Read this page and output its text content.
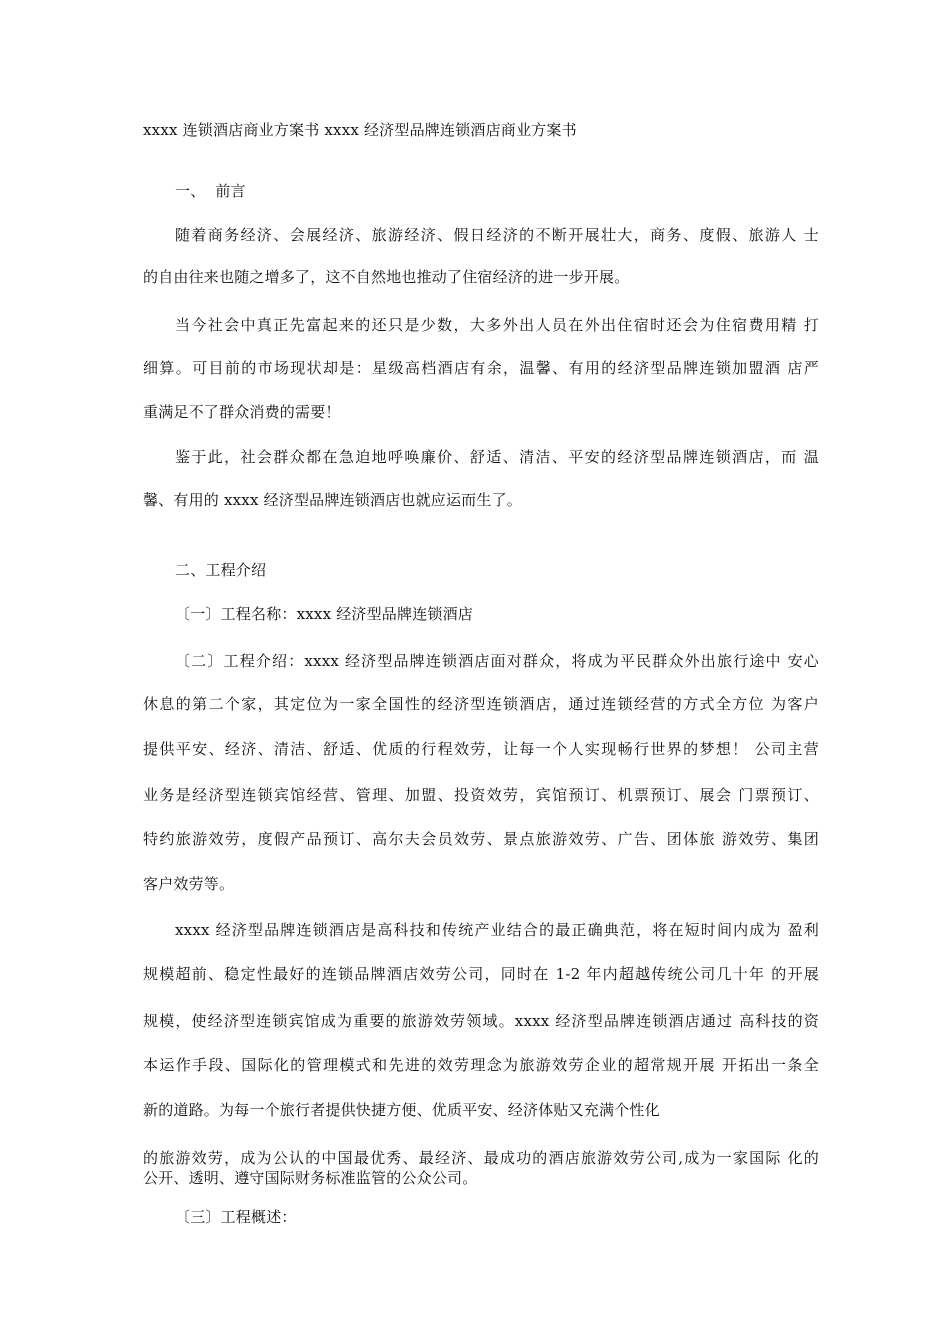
xxxx 连锁酒店商业方案书 xxxx 经济型品牌连锁酒店商业方案书
一、  前言
随着商务经济、会展经济、旅游经济、假日经济的不断开展壮大，商务、度假、旅游人 士
的自由往来也随之增多了，这不自然地也推动了住宿经济的进一步开展。
当今社会中真正先富起来的还只是少数，大多外出人员在外出住宿时还会为住宿费用精 打
细算。可目前的市场现状却是：星级高档酒店有余，温馨、有用的经济型品牌连锁加盟酒 店严
重满足不了群众消费的需要！
鉴于此，社会群众都在急迫地呼唤廉价、舒适、清洁、平安的经济型品牌连锁酒店，而 温
馨、有用的 xxxx 经济型品牌连锁酒店也就应运而生了。
二、工程介绍
〔一〕工程名称：xxxx 经济型品牌连锁酒店
〔二〕工程介绍：xxxx 经济型品牌连锁酒店面对群众，将成为平民群众外出旅行途中 安心
休息的第二个家，其定位为一家全国性的经济型连锁酒店，通过连锁经营的方式全方位 为客户
提供平安、经济、清洁、舒适、优质的行程效劳，让每一个人实现畅行世界的梦想！ 公司主营
业务是经济型连锁宾馆经营、管理、加盟、投资效劳，宾馆预订、机票预订、展会 门票预订、
特约旅游效劳，度假产品预订、高尔夫会员效劳、景点旅游效劳、广告、团体旅 游效劳、集团
客户效劳等。
xxxx 经济型品牌连锁酒店是高科技和传统产业结合的最正确典范，将在短时间内成为 盈利
规模超前、稳定性最好的连锁品牌酒店效劳公司，同时在 1-2 年内超越传统公司几十年 的开展
规模，使经济型连锁宾馆成为重要的旅游效劳领域。xxxx 经济型品牌连锁酒店通过 高科技的资
本运作手段、国际化的管理模式和先进的效劳理念为旅游效劳企业的超常规开展 开拓出一条全
新的道路。为每一个旅行者提供快捷方便、优质平安、经济体贴又充满个性化
的旅游效劳，成为公认的中国最优秀、最经济、最成功的酒店旅游效劳公司,成为一家国际 化的
公开、透明、遵守国际财务标准监管的公众公司。
〔三〕工程概述：
